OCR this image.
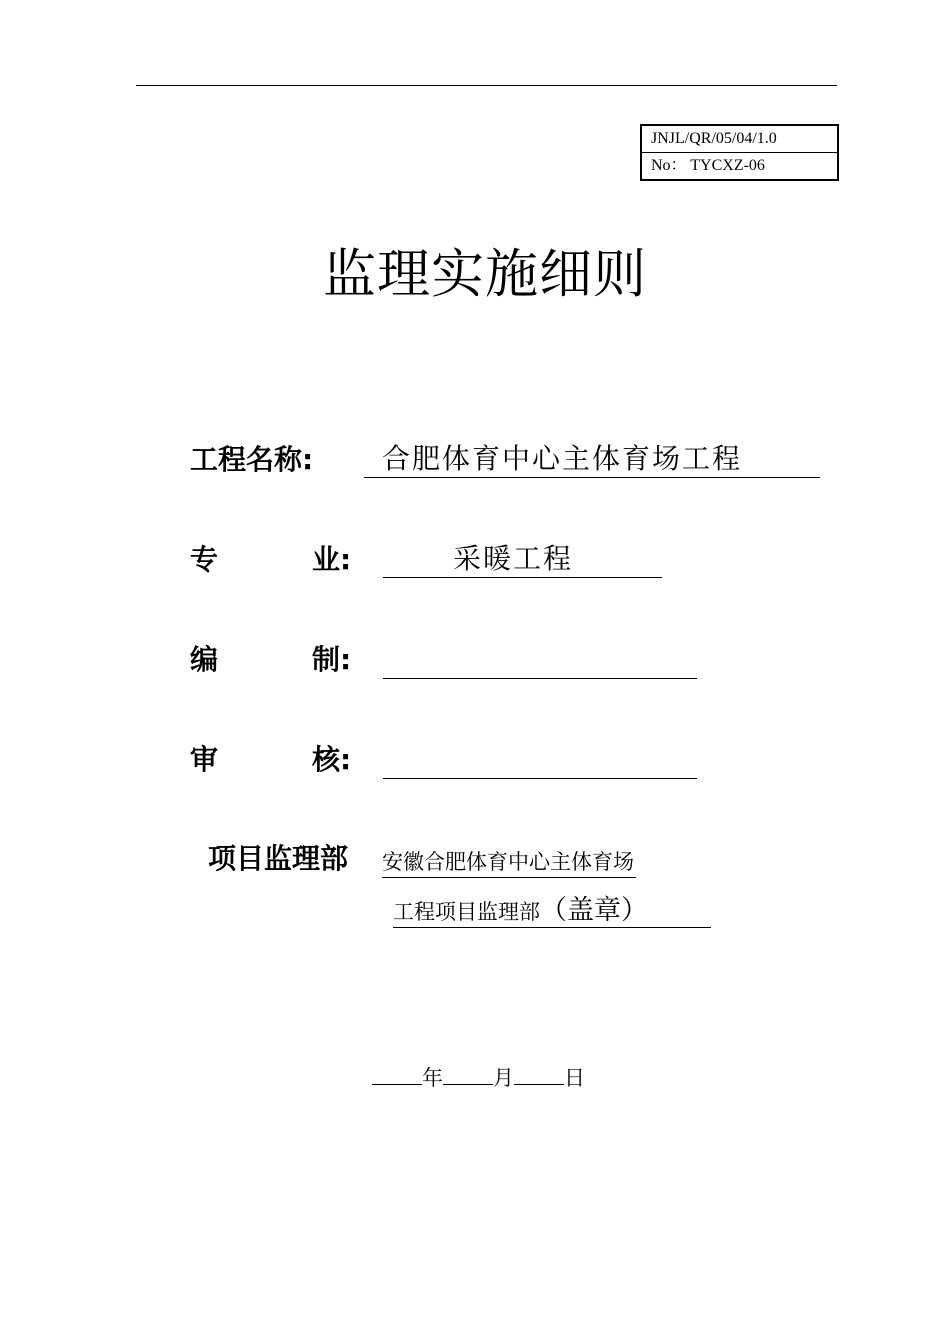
JNJL/QR/05/04/1.0
No： TYCXZ-06
监理实施细则
工程名称:	合肥体育中心主体育场工程
专	业:	采暖工程
编	制:
审	核:
项目监理部 安徽合肥体育中心主体育场
工程项目监理部（盖章）
年 月 日
